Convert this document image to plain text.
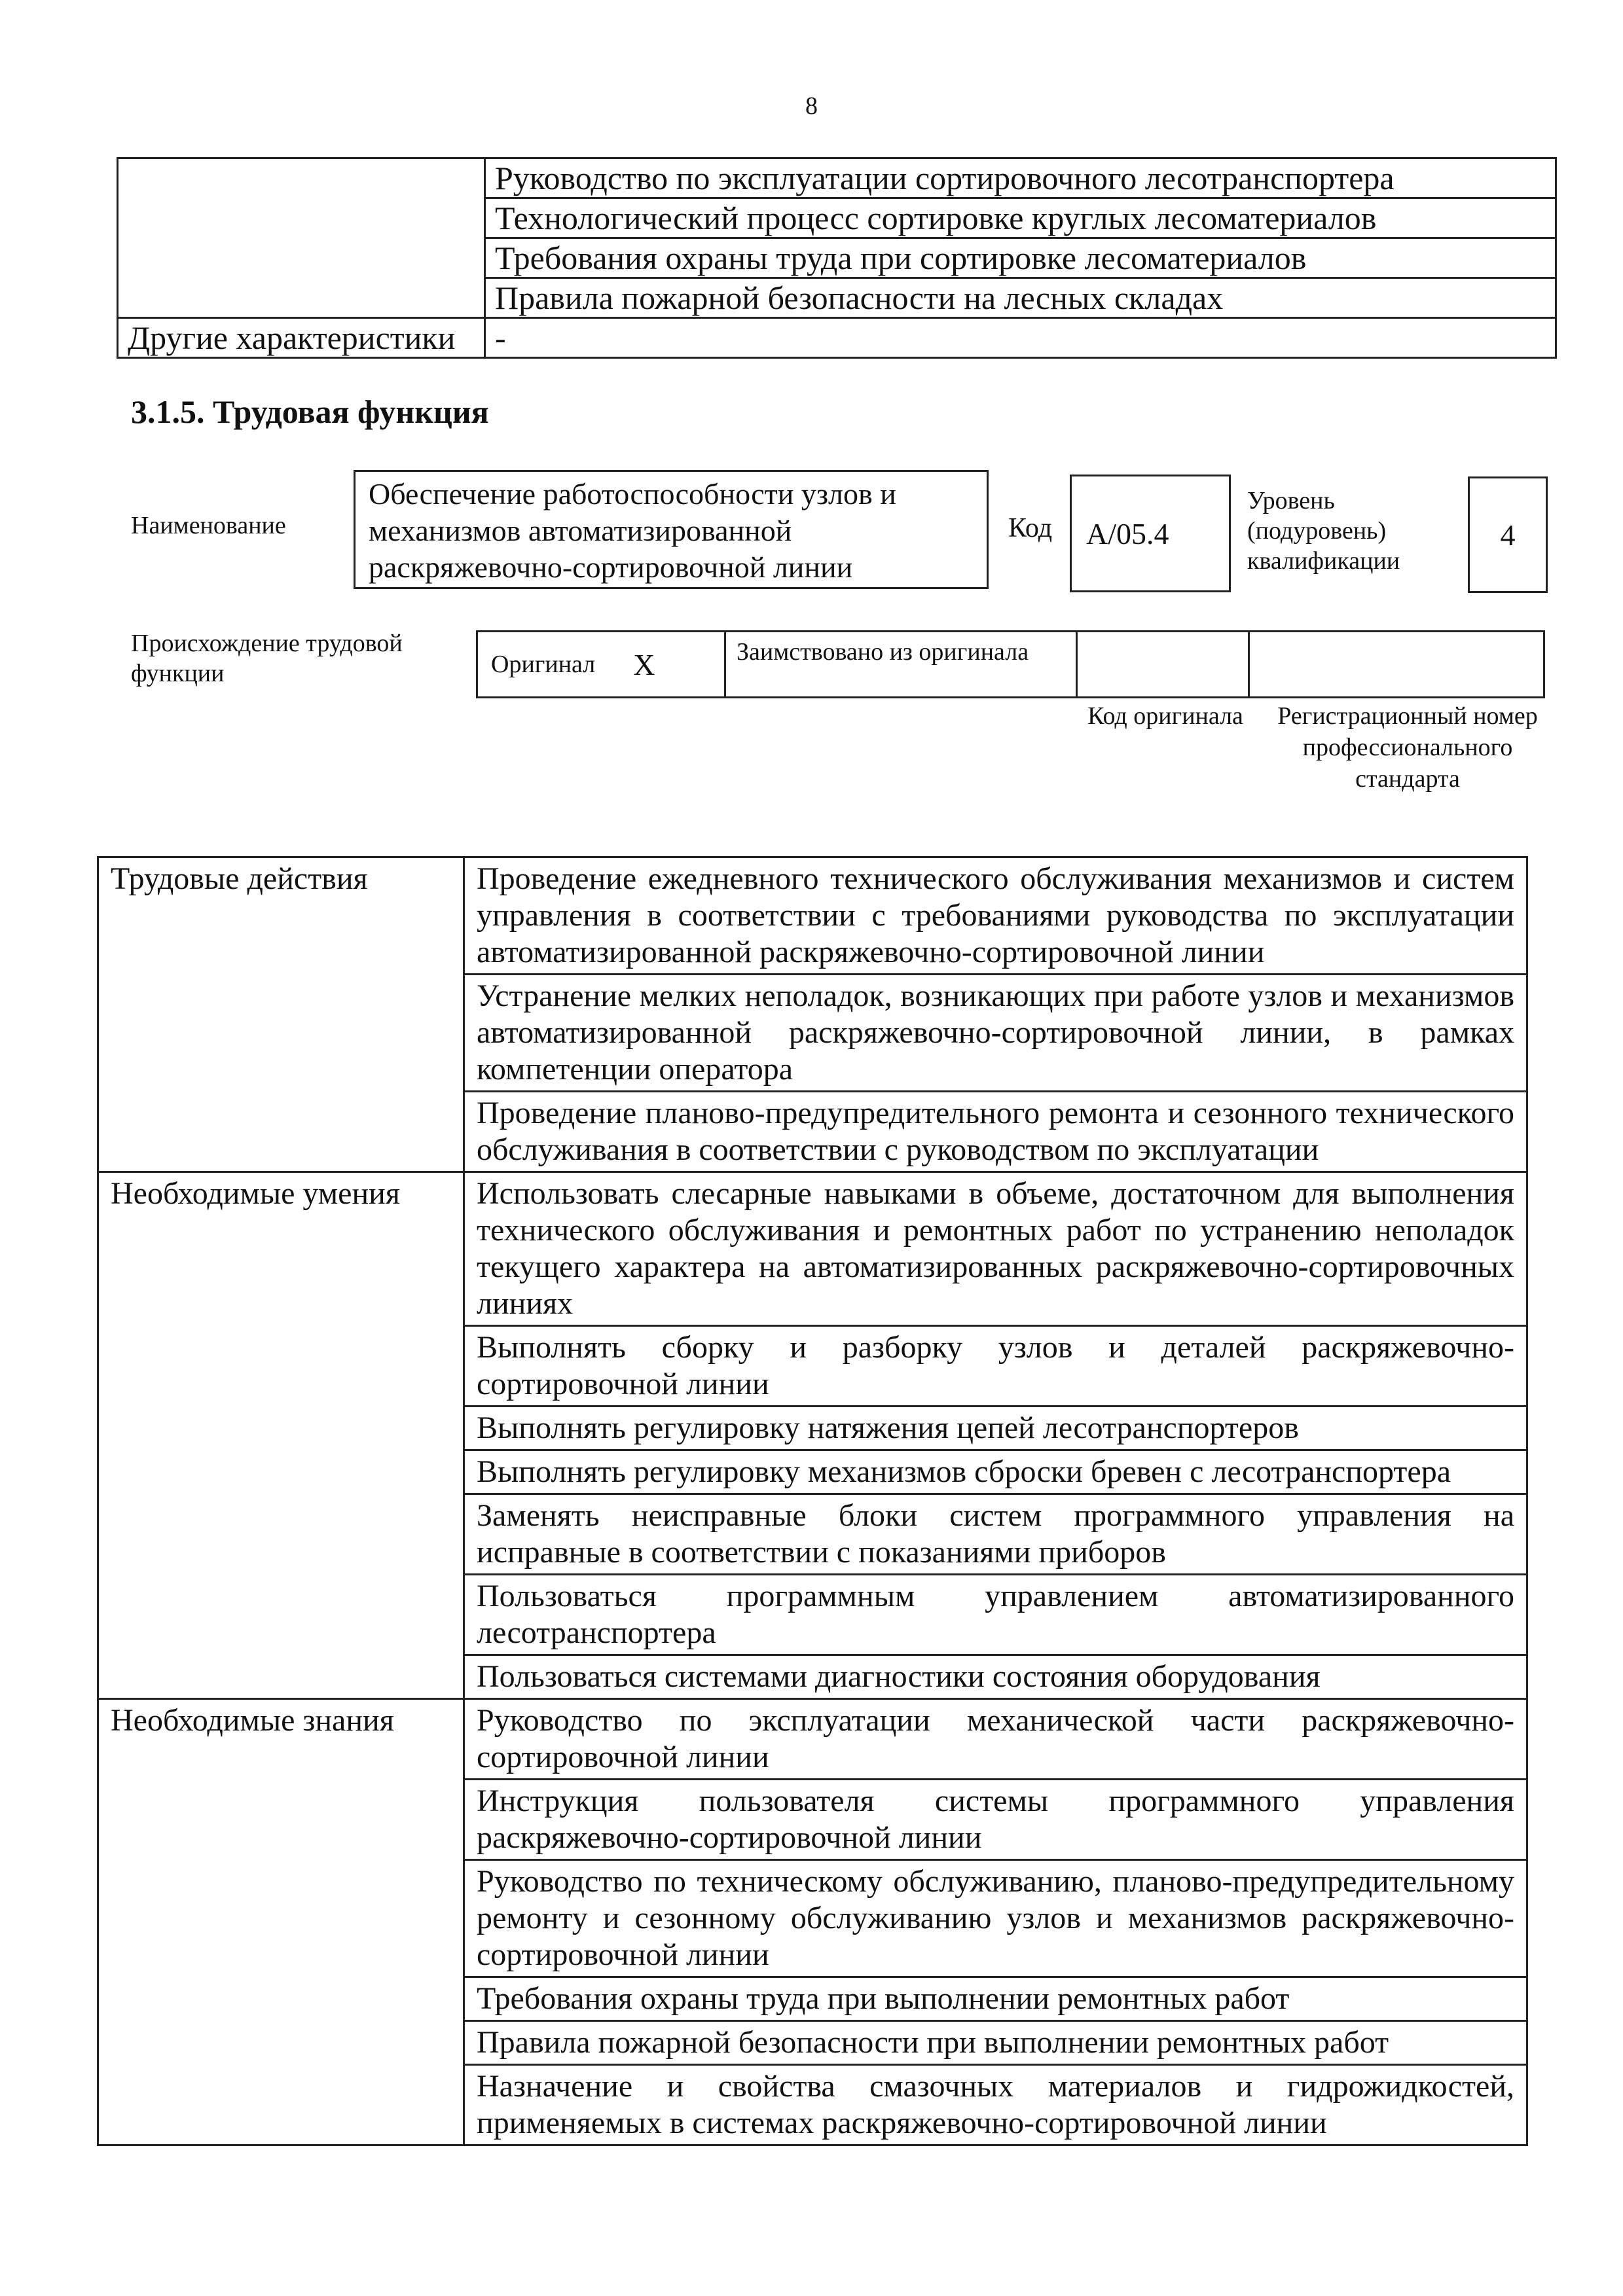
8
	Руководство по эксплуатации сортировочного лесотранспортера
	Технологический процесс сортировке круглых лесоматериалов
	Требования охраны труда при сортировке лесоматериалов
	Правила пожарной безопасности на лесных складах
Другие характеристики	-
3.1.5. Трудовая функция
Наименование
Обеспечение работоспособности узлов и механизмов автоматизированной раскряжевочно-сортировочной линии
Код	А/05.4
Уровень (подуровень) квалификации
4
Происхождение трудовой функции	Оригинал X	Заимствовано из оригинала
Код оригинала	Регистрационный номер профессионального стандарта
Трудовые действия	Проведение ежедневного технического обслуживания механизмов и систем управления в соответствии с требованиями руководства по эксплуатации автоматизированной раскряжевочно-сортировочной линии
	Устранение мелких неполадок, возникающих при работе узлов и механизмов автоматизированной раскряжевочно-сортировочной линии, в рамках компетенции оператора
	Проведение планово-предупредительного ремонта и сезонного технического обслуживания в соответствии с руководством по эксплуатации
Необходимые умения	Использовать слесарные навыками в объеме, достаточном для выполнения технического обслуживания и ремонтных работ по устранению неполадок текущего характера на автоматизированных раскряжевочно-сортировочных линиях
	Выполнять сборку и разборку узлов и деталей раскряжевочно-сортировочной линии
	Выполнять регулировку натяжения цепей лесотранспортеров
	Выполнять регулировку механизмов сброски бревен с лесотранспортера
	Заменять неисправные блоки систем программного управления на исправные в соответствии с показаниями приборов
	Пользоваться программным управлением автоматизированного лесотранспортера
	Пользоваться системами диагностики состояния оборудования
Необходимые знания	Руководство по эксплуатации механической части раскряжевочно-сортировочной линии
	Инструкция пользователя системы программного управления раскряжевочно-сортировочной линии
	Руководство по техническому обслуживанию, планово-предупредительному ремонту и сезонному обслуживанию узлов и механизмов раскряжевочно-сортировочной линии
	Требования охраны труда при выполнении ремонтных работ
	Правила пожарной безопасности при выполнении ремонтных работ
	Назначение и свойства смазочных материалов и гидрожидкостей, применяемых в системах раскряжевочно-сортировочной линии
